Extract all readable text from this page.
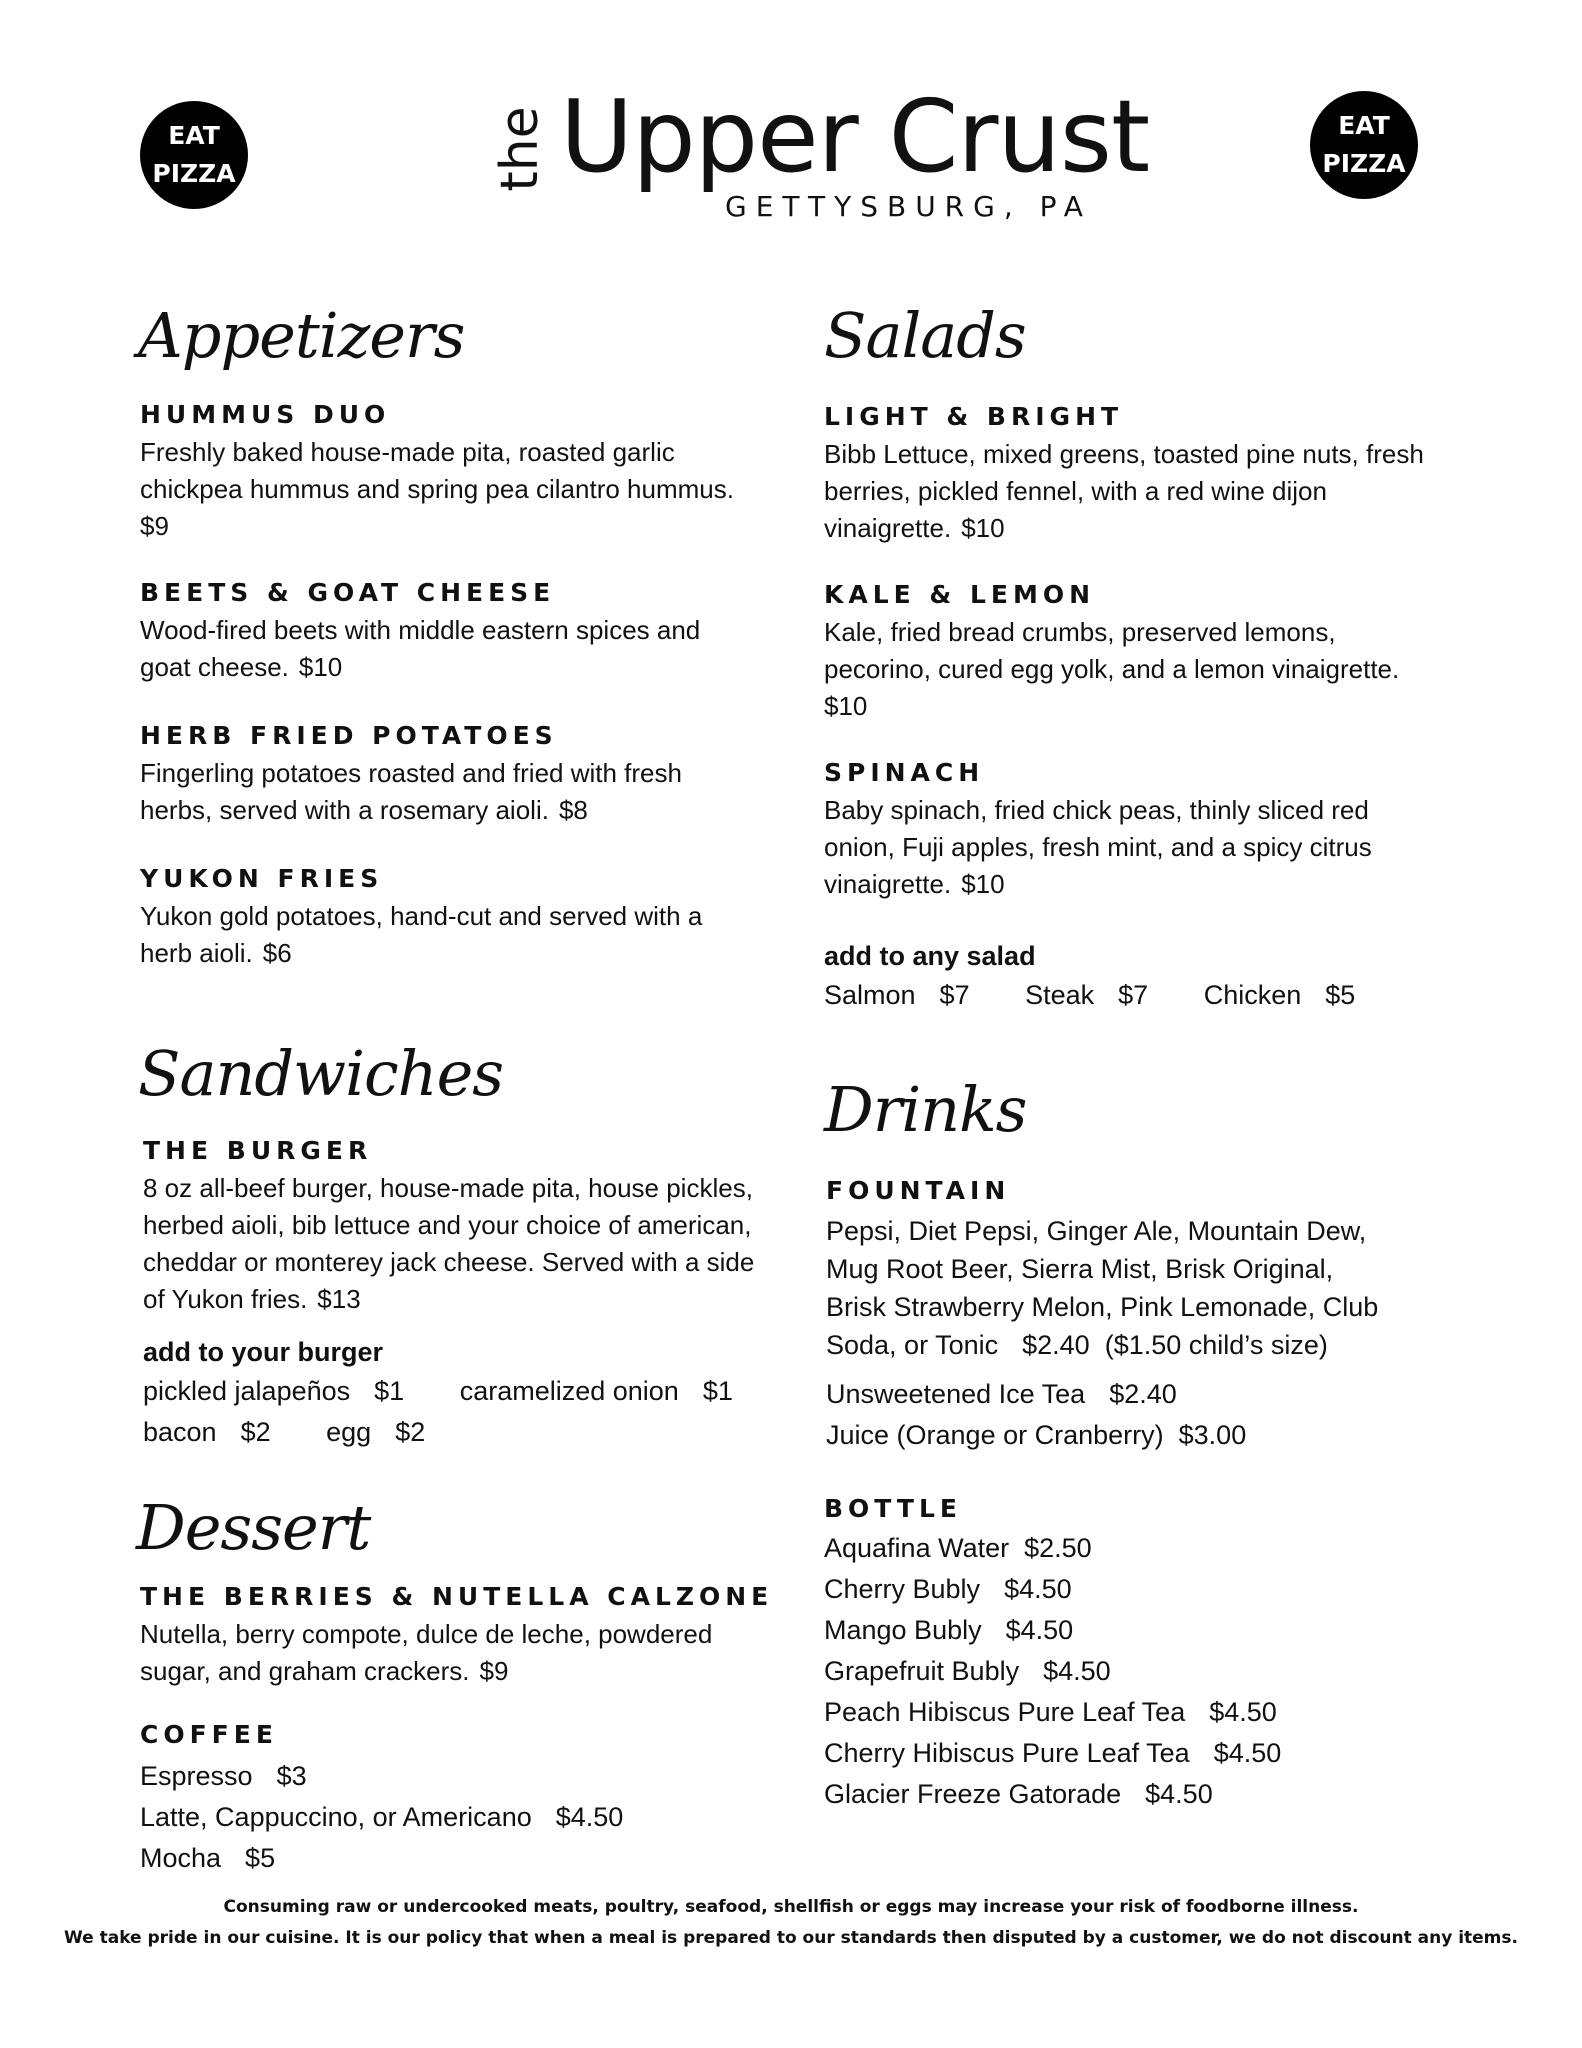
EAT
PIZZA
EAT
PIZZA
the Upper Crust
GETTYSBURG, PA
Appetizers
HUMMUS DUO
Freshly baked house-made pita, roasted garlic chickpea hummus and spring pea cilantro hummus.
$9
BEETS & GOAT CHEESE
Wood-fired beets with middle eastern spices and goat cheese. $10
HERB FRIED POTATOES
Fingerling potatoes roasted and fried with fresh herbs, served with a rosemary aioli. $8
YUKON FRIES
Yukon gold potatoes, hand-cut and served with a herb aioli. $6
Sandwiches
THE BURGER
8 oz all-beef burger, house-made pita, house pickles, herbed aioli, bib lettuce and your choice of american, cheddar or monterey jack cheese. Served with a side of Yukon fries. $13
add to your burger
pickled jalapeños $1 caramelized onion $1
bacon $2 egg $2
Dessert
THE BERRIES & NUTELLA CALZONE
Nutella, berry compote, dulce de leche, powdered sugar, and graham crackers. $9
COFFEE
Espresso $3
Latte, Cappuccino, or Americano $4.50
Mocha $5
Salads
LIGHT & BRIGHT
Bibb Lettuce, mixed greens, toasted pine nuts, fresh berries, pickled fennel, with a red wine dijon vinaigrette. $10
KALE & LEMON
Kale, fried bread crumbs, preserved lemons, pecorino, cured egg yolk, and a lemon vinaigrette.
$10
SPINACH
Baby spinach, fried chick peas, thinly sliced red onion, Fuji apples, fresh mint, and a spicy citrus vinaigrette. $10
add to any salad
Salmon $7 Steak $7 Chicken $5
Drinks
FOUNTAIN
Pepsi, Diet Pepsi, Ginger Ale, Mountain Dew, Mug Root Beer, Sierra Mist, Brisk Original, Brisk Strawberry Melon, Pink Lemonade, Club Soda, or Tonic $2.40 ($1.50 child’s size)
Unsweetened Ice Tea $2.40
Juice (Orange or Cranberry) $3.00
BOTTLE
Aquafina Water $2.50
Cherry Bubly $4.50
Mango Bubly $4.50
Grapefruit Bubly $4.50
Peach Hibiscus Pure Leaf Tea $4.50
Cherry Hibiscus Pure Leaf Tea $4.50
Glacier Freeze Gatorade $4.50
Consuming raw or undercooked meats, poultry, seafood, shellfish or eggs may increase your risk of foodborne illness.
We take pride in our cuisine. It is our policy that when a meal is prepared to our standards then disputed by a customer, we do not discount any items.
